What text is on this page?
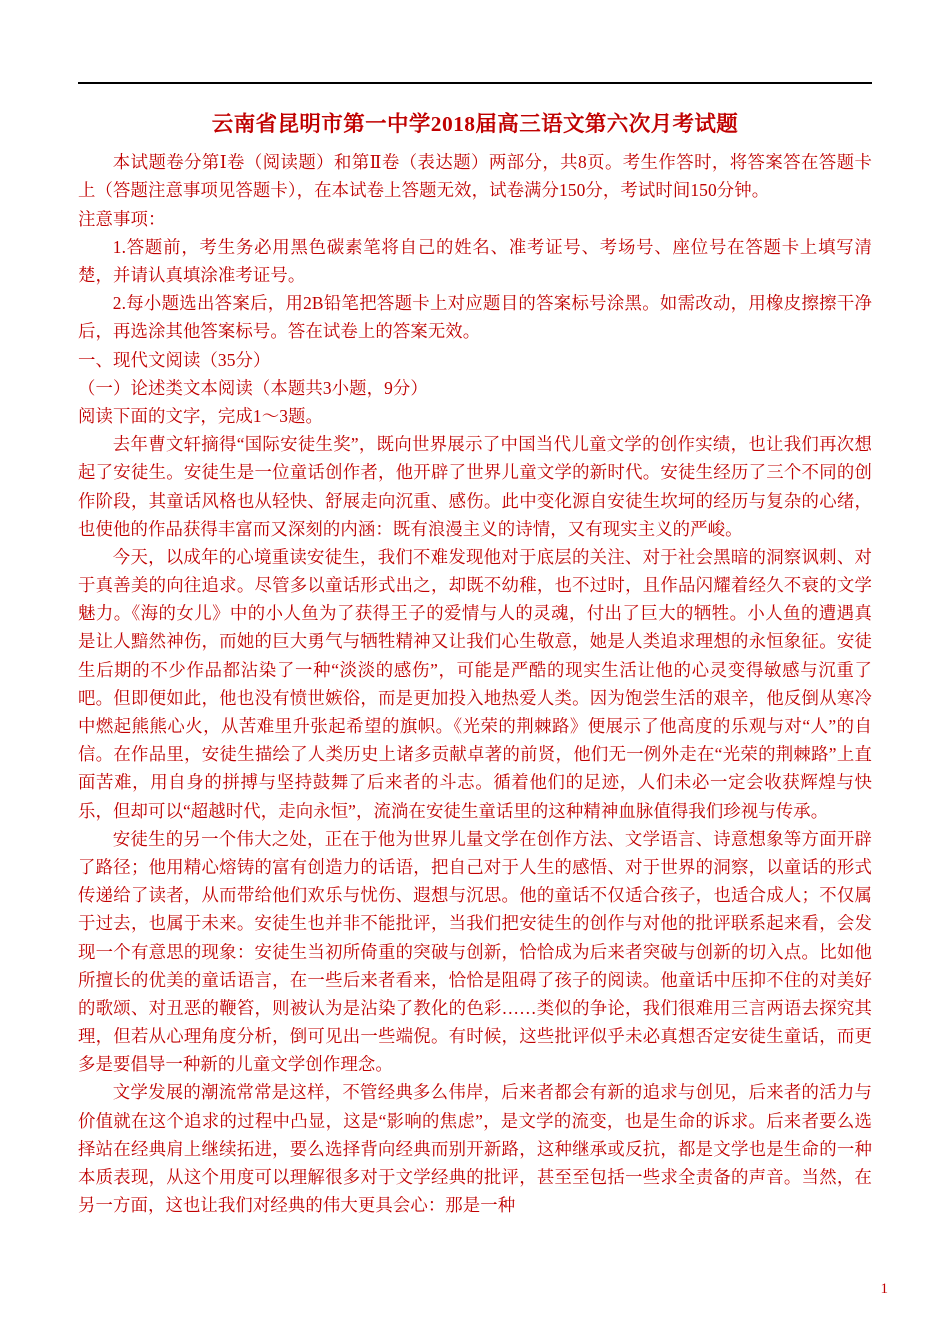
云南省昆明市第一中学2018届高三语文第六次月考试题

本试题卷分第Ⅰ卷（阅读题）和第Ⅱ卷（表达题）两部分，共8页。考生作答时，将答案答在答题卡上（答题注意事项见答题卡），在本试卷上答题无效，试卷满分150分，考试时间150分钟。

注意事项：

1.答题前，考生务必用黑色碳素笔将自己的姓名、准考证号、考场号、座位号在答题卡上填写清楚，并请认真填涂准考证号。

2.每小题选出答案后，用2B铅笔把答题卡上对应题目的答案标号涂黑。如需改动，用橡皮擦擦干净后，再选涂其他答案标号。答在试卷上的答案无效。

一、现代文阅读（35分）

（一）论述类文本阅读（本题共3小题，9分）

阅读下面的文字，完成1～3题。

去年曹文轩摘得“国际安徒生奖”，既向世界展示了中国当代儿童文学的创作实绩，也让我们再次想起了安徒生。安徒生是一位童话创作者，他开辟了世界儿童文学的新时代。安徒生经历了三个不同的创作阶段，其童话风格也从轻快、舒展走向沉重、感伤。此中变化源自安徒生坎坷的经历与复杂的心绪，也使他的作品获得丰富而又深刻的内涵：既有浪漫主义的诗情，又有现实主义的严峻。

今天，以成年的心境重读安徒生，我们不难发现他对于底层的关注、对于社会黑暗的洞察讽刺、对于真善美的向往追求。尽管多以童话形式出之，却既不幼稚，也不过时，且作品闪耀着经久不衰的文学魅力。《海的女儿》中的小人鱼为了获得王子的爱情与人的灵魂，付出了巨大的牺牲。小人鱼的遭遇真是让人黯然神伤，而她的巨大勇气与牺牲精神又让我们心生敬意，她是人类追求理想的永恒象征。安徒生后期的不少作品都沾染了一种“淡淡的感伤”，可能是严酷的现实生活让他的心灵变得敏感与沉重了吧。但即便如此，他也没有愤世嫉俗，而是更加投入地热爱人类。因为饱尝生活的艰辛，他反倒从寒冷中燃起熊熊心火，从苦难里升张起希望的旗帜。《光荣的荆棘路》便展示了他高度的乐观与对“人”的自信。在作品里，安徒生描绘了人类历史上诸多贡献卓著的前贤，他们无一例外走在“光荣的荆棘路”上直面苦难，用自身的拼搏与坚持鼓舞了后来者的斗志。循着他们的足迹，人们未必一定会收获辉煌与快乐，但却可以“超越时代，走向永恒”，流淌在安徒生童话里的这种精神血脉值得我们珍视与传承。

安徒生的另一个伟大之处，正在于他为世界儿量文学在创作方法、文学语言、诗意想象等方面开辟了路径；他用精心熔铸的富有创造力的话语，把自己对于人生的感悟、对于世界的洞察，以童话的形式传递给了读者，从而带给他们欢乐与忧伤、遐想与沉思。他的童话不仅适合孩子，也适合成人；不仅属于过去，也属于未来。安徒生也并非不能批评，当我们把安徒生的创作与对他的批评联系起来看，会发现一个有意思的现象：安徒生当初所倚重的突破与创新，恰恰成为后来者突破与创新的切入点。比如他所擅长的优美的童话语言，在一些后来者看来，恰恰是阻碍了孩子的阅读。他童话中压抑不住的对美好的歌颂、对丑恶的鞭笞，则被认为是沾染了教化的色彩……类似的争论，我们很难用三言两语去探究其理，但若从心理角度分析，倒可见出一些端倪。有时候，这些批评似乎未必真想否定安徒生童话，而更多是要倡导一种新的儿童文学创作理念。

文学发展的潮流常常是这样，不管经典多么伟岸，后来者都会有新的追求与创见，后来者的活力与价值就在这个追求的过程中凸显，这是“影响的焦虑”，是文学的流变，也是生命的诉求。后来者要么选择站在经典肩上继续拓进，要么选择背向经典而别开新路，这种继承或反抗，都是文学也是生命的一种本质表现，从这个用度可以理解很多对于文学经典的批评，甚至至包括一些求全责备的声音。当然，在另一方面，这也让我们对经典的伟大更具会心：那是一种

1
